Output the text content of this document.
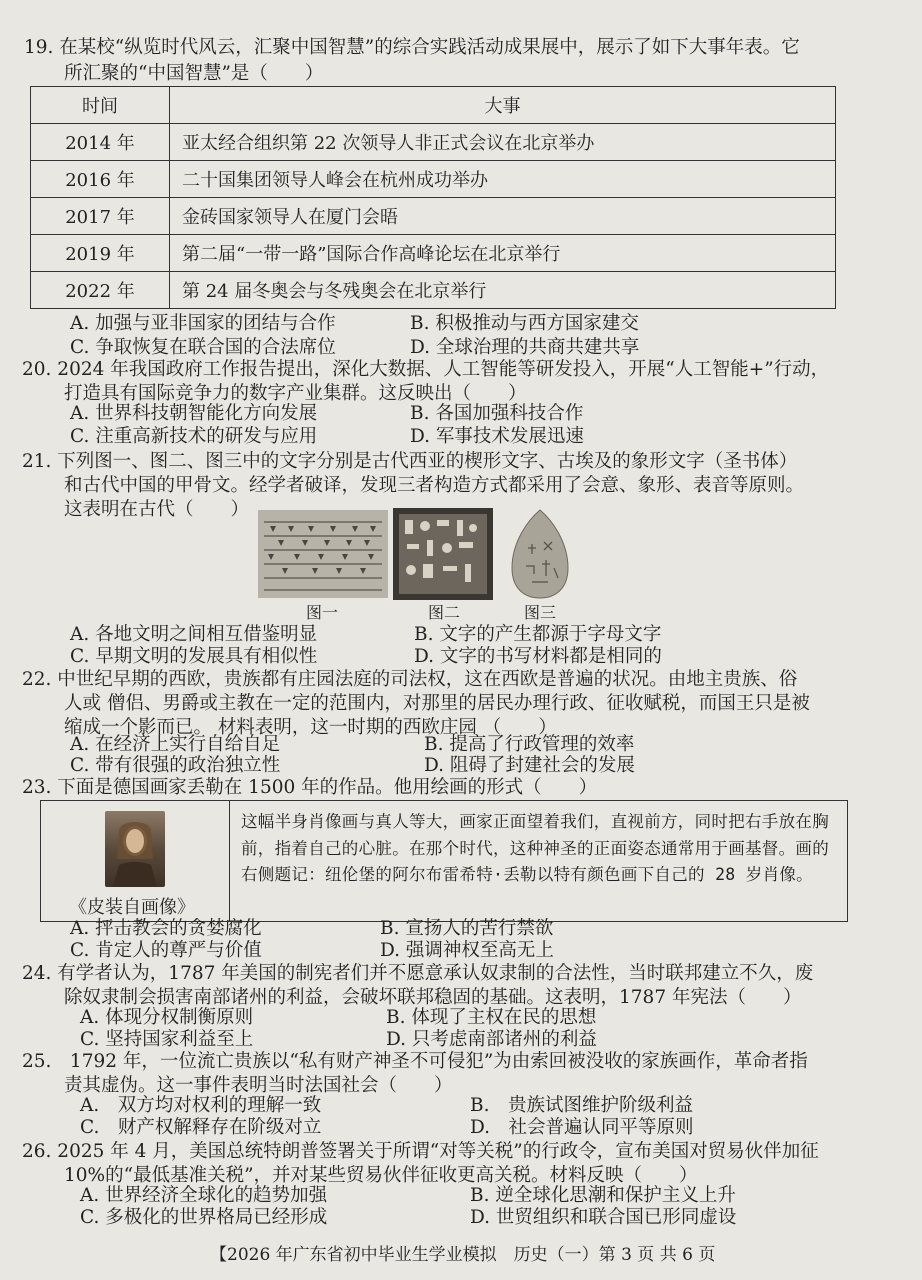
19. 在某校“纵览时代风云，汇聚中国智慧”的综合实践活动成果展中，展示了如下大事年表。它
所汇聚的“中国智慧”是（　　）
时间	大事
2014 年	亚太经合组织第 22 次领导人非正式会议在北京举办
2016 年	二十国集团领导人峰会在杭州成功举办
2017 年	金砖国家领导人在厦门会晤
2019 年	第二届“一带一路”国际合作高峰论坛在北京举行
2022 年	第 24 届冬奥会与冬残奥会在北京举行
A. 加强与亚非国家的团结与合作	B. 积极推动与西方国家建交
C. 争取恢复在联合国的合法席位	D. 全球治理的共商共建共享
20. 2024 年我国政府工作报告提出，深化大数据、人工智能等研发投入，开展“人工智能+”行动，
打造具有国际竞争力的数字产业集群。这反映出（　　）
A. 世界科技朝智能化方向发展	B. 各国加强科技合作
C. 注重高新技术的研发与应用	D. 军事技术发展迅速
21. 下列图一、图二、图三中的文字分别是古代西亚的楔形文字、古埃及的象形文字（圣书体）
和古代中国的甲骨文。经学者破译，发现三者构造方式都采用了会意、象形、表音等原则。
这表明在古代（　　）
图一	图二	图三
A. 各地文明之间相互借鉴明显	B. 文字的产生都源于字母文字
C. 早期文明的发展具有相似性	D. 文字的书写材料都是相同的
22. 中世纪早期的西欧，贵族都有庄园法庭的司法权，这在西欧是普遍的状况。由地主贵族、俗
人或 僧侣、男爵或主教在一定的范围内，对那里的居民办理行政、征收赋税，而国王只是被
缩成一个影而已。 材料表明，这一时期的西欧庄园 （　　）
A. 在经济上实行自给自足	B. 提高了行政管理的效率
C. 带有很强的政治独立性	D. 阻碍了封建社会的发展
23. 下面是德国画家丢勒在 1500 年的作品。他用绘画的形式（　　）
《皮装自画像》
这幅半身肖像画与真人等大，画家正面望着我们，直视前方，同时把右手放在胸前，指着自己的心脏。在那个时代，这种神圣的正面姿态通常用于画基督。画的右侧题记：纽伦堡的阿尔布雷希特·丢勒以特有颜色画下自己的 28 岁肖像。
A. 抨击教会的贪婪腐化	B. 宣扬人的苦行禁欲
C. 肯定人的尊严与价值	D. 强调神权至高无上
24. 有学者认为，1787 年美国的制宪者们并不愿意承认奴隶制的合法性，当时联邦建立不久，废
除奴隶制会损害南部诸州的利益，会破坏联邦稳固的基础。这表明，1787 年宪法（　　）
A. 体现分权制衡原则	B. 体现了主权在民的思想
C. 坚持国家利益至上	D. 只考虑南部诸州的利益
25.　1792 年，一位流亡贵族以“私有财产神圣不可侵犯”为由索回被没收的家族画作，革命者指
责其虚伪。这一事件表明当时法国社会（　　）
A.　双方均对权利的理解一致	B.　贵族试图维护阶级利益
C.　财产权解释存在阶级对立	D.　社会普遍认同平等原则
26. 2025 年 4 月，美国总统特朗普签署关于所谓“对等关税”的行政令，宣布美国对贸易伙伴加征
10%的“最低基准关税”，并对某些贸易伙伴征收更高关税。材料反映（　　）
A. 世界经济全球化的趋势加强	B. 逆全球化思潮和保护主义上升
C. 多极化的世界格局已经形成	D. 世贸组织和联合国已形同虚设
【2026 年广东省初中毕业生学业模拟　历史（一）第 3 页 共 6 页
